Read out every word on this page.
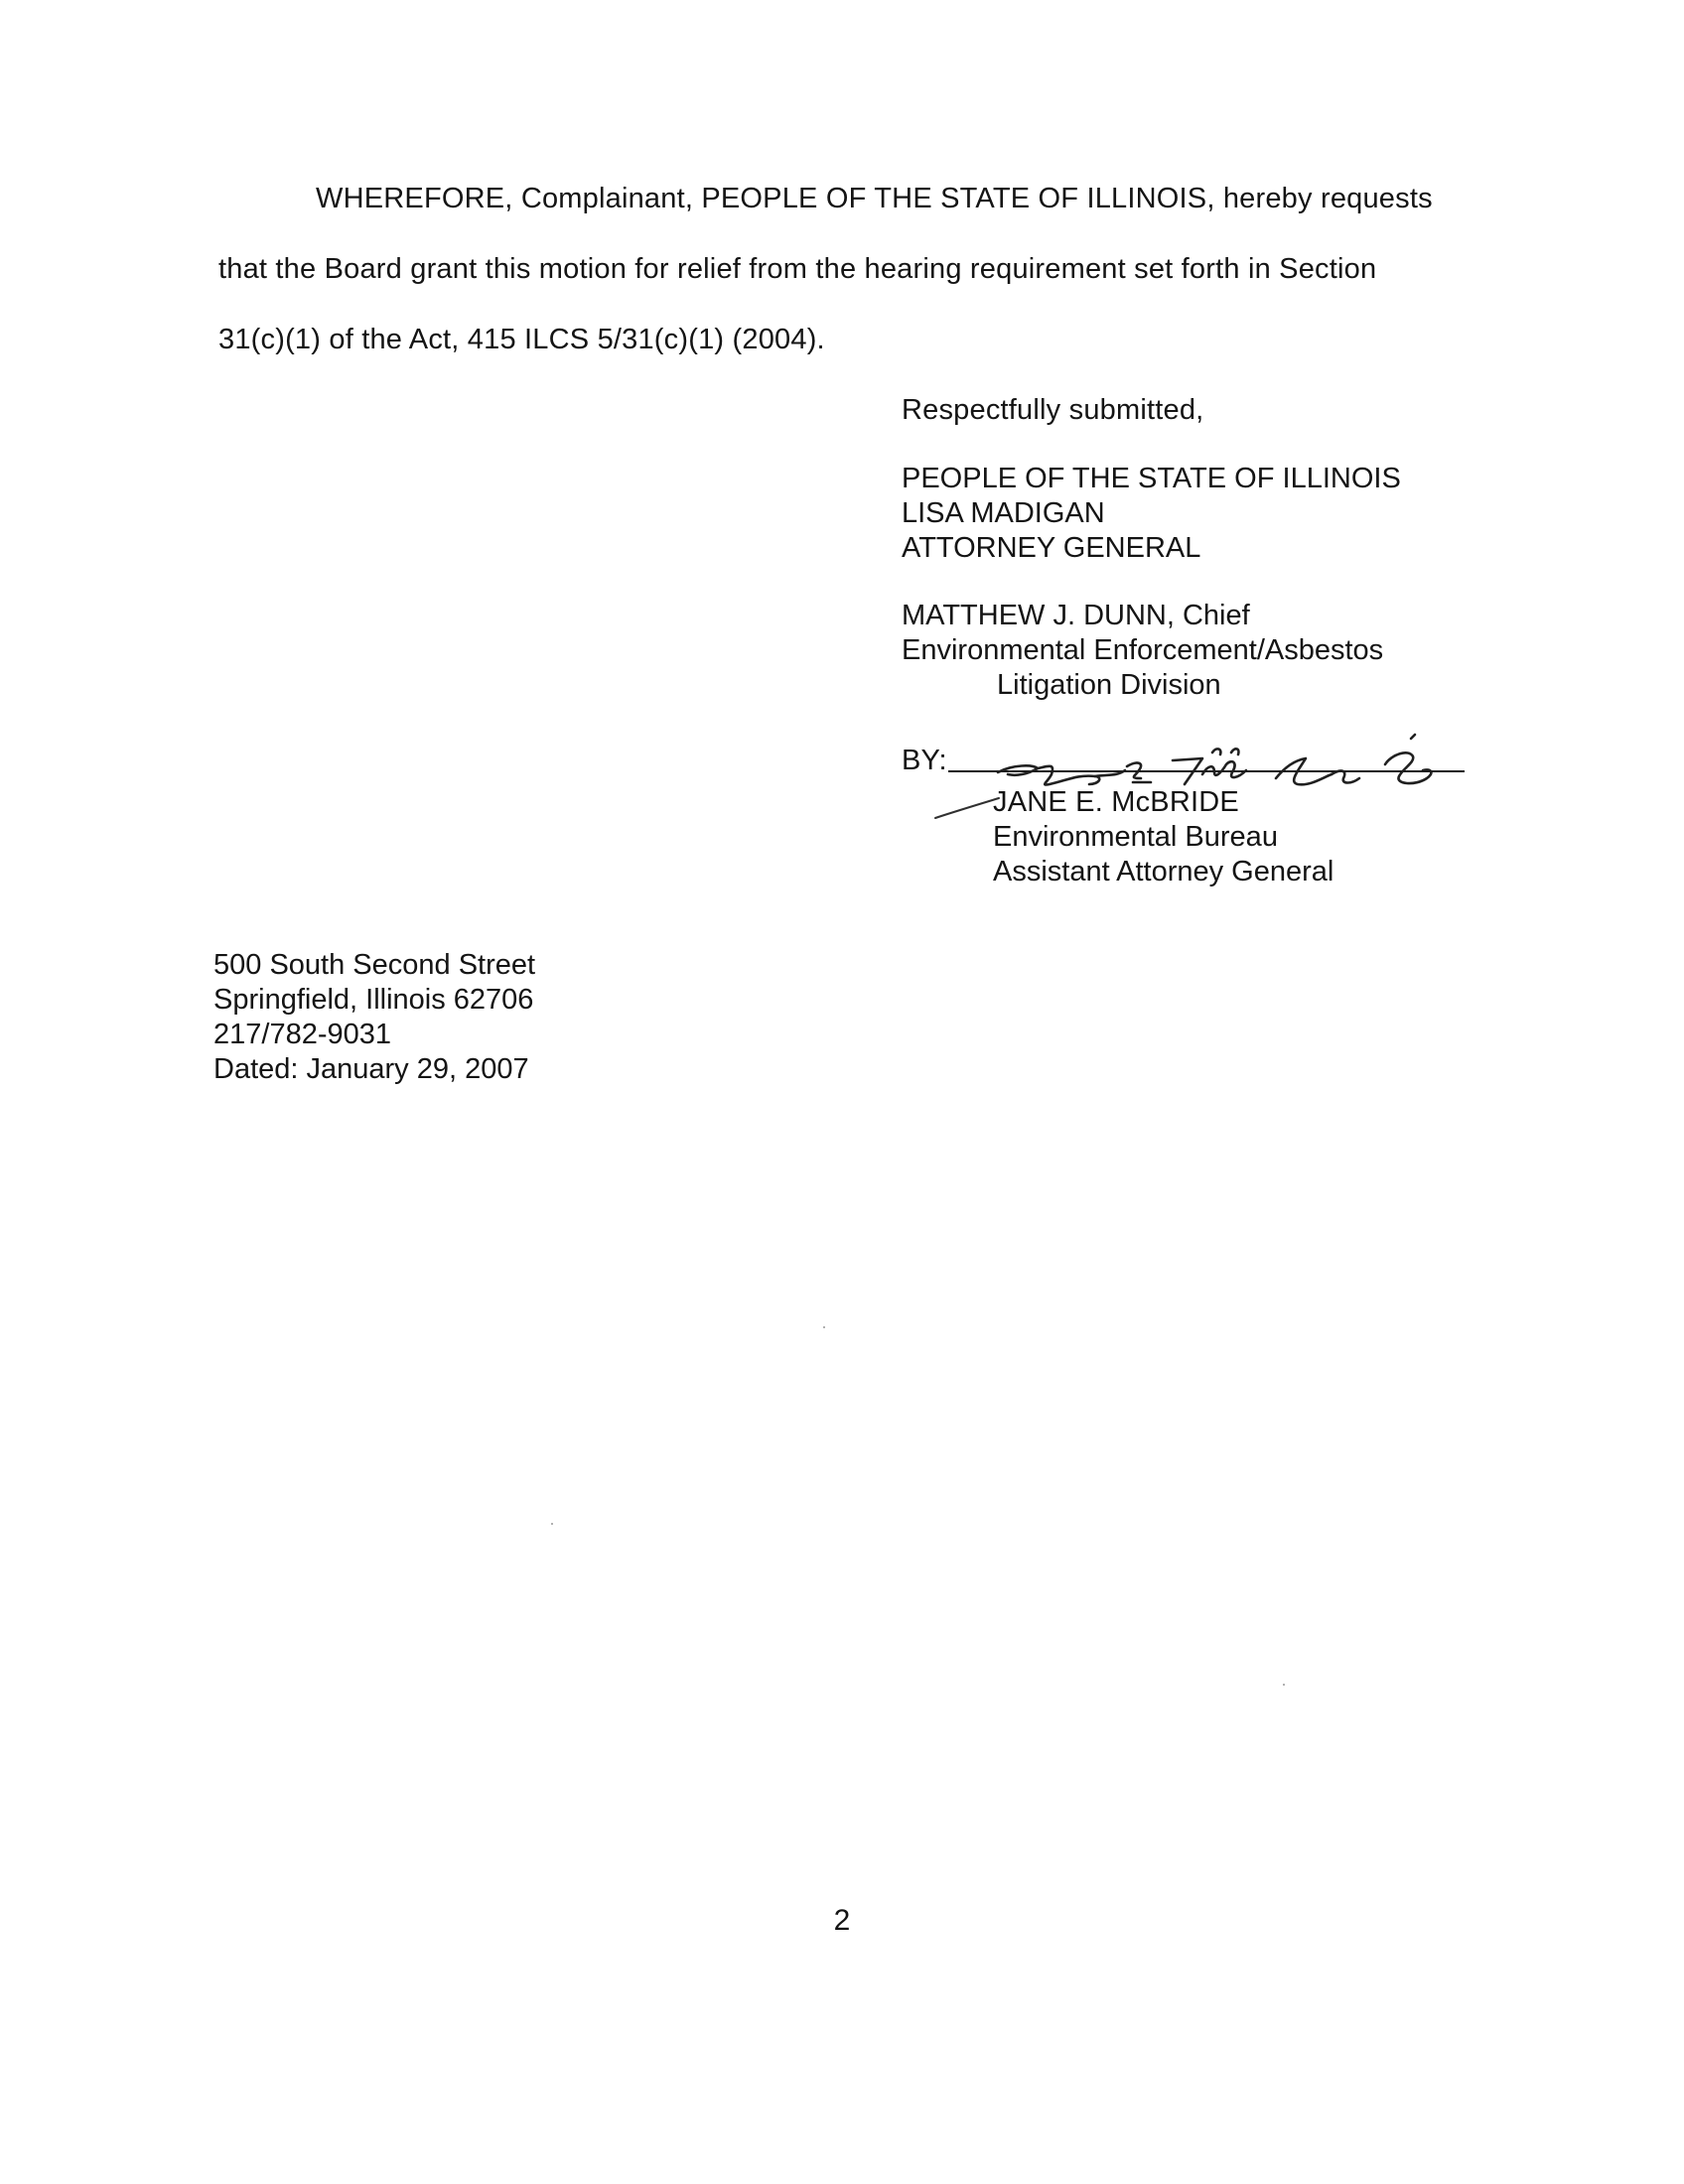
WHEREFORE, Complainant, PEOPLE OF THE STATE OF ILLINOIS, hereby requests
that the Board grant this motion for relief from the hearing requirement set forth in Section
31(c)(1) of the Act, 415 ILCS 5/31(c)(1) (2004).
Respectfully submitted,
PEOPLE OF THE STATE OF ILLINOIS
LISA MADIGAN
ATTORNEY GENERAL
MATTHEW J. DUNN, Chief
Environmental Enforcement/Asbestos
Litigation Division
BY:
JANE E. McBRIDE
Environmental Bureau
Assistant Attorney General
500 South Second Street
Springfield, Illinois 62706
217/782-9031
Dated: January 29, 2007
2
